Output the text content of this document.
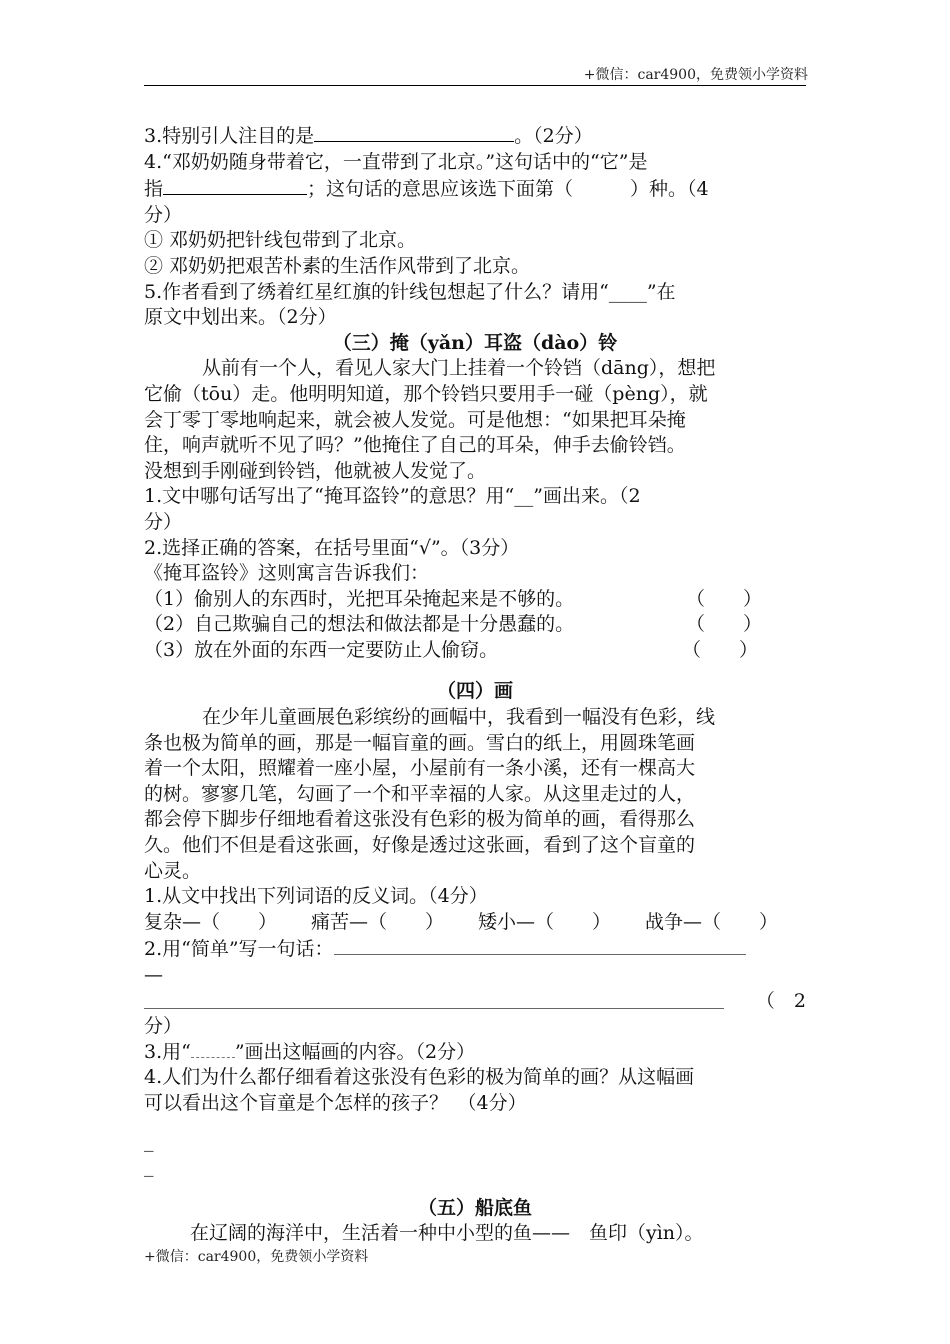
+微信：car4900，免费领小学资料
3.特别引人注目的是	。（2分）
4.“邓奶奶随身带着它，一直带到了北京。”这句话中的“它”是
指	；这句话的意思应该选下面第（　　　）种。（4
分）
① 邓奶奶把针线包带到了北京。
② 邓奶奶把艰苦朴素的生活作风带到了北京。
5.作者看到了绣着红星红旗的针线包想起了什么？请用“____”在
原文中划出来。（2分）
（三）掩（yǎn）耳盗（dào）铃
从前有一个人，看见人家大门上挂着一个铃铛（dāng），想把
它偷（tōu）走。他明明知道，那个铃铛只要用手一碰（pèng），就
会丁零丁零地响起来，就会被人发觉。可是他想：“如果把耳朵掩
住，响声就听不见了吗？”他掩住了自己的耳朵，伸手去偷铃铛。
没想到手刚碰到铃铛，他就被人发觉了。
1.文中哪句话写出了“掩耳盗铃”的意思？用“__”画出来。（2
分）
2.选择正确的答案，在括号里面“√”。（3分）
《掩耳盗铃》这则寓言告诉我们：
（1）偷别人的东西时，光把耳朵掩起来是不够的。	（　　）
（2）自己欺骗自己的想法和做法都是十分愚蠢的。	（　　）
（3）放在外面的东西一定要防止人偷窃。	（　　）
（四）画
在少年儿童画展色彩缤纷的画幅中，我看到一幅没有色彩，线
条也极为简单的画，那是一幅盲童的画。雪白的纸上，用圆珠笔画
着一个太阳，照耀着一座小屋，小屋前有一条小溪，还有一棵高大
的树。寥寥几笔，勾画了一个和平幸福的人家。从这里走过的人，
都会停下脚步仔细地看着这张没有色彩的极为简单的画，看得那么
久。他们不但是看这张画，好像是透过这张画，看到了这个盲童的
心灵。
1.从文中找出下列词语的反义词。（4分）
复杂—（　　） 痛苦—（　　） 矮小—（　　） 战争—（　　）
2.用“简单”写一句话：
—
（　2
分）
3.用“ ”画出这幅画的内容。（2分）
4.人们为什么都仔细看着这张没有色彩的极为简单的画？从这幅画
可以看出这个盲童是个怎样的孩子？　（4分）
_
_
（五）船底鱼
在辽阔的海洋中，生活着一种中小型的鱼——　鱼印（yìn）。
+微信：car4900，免费领小学资料
